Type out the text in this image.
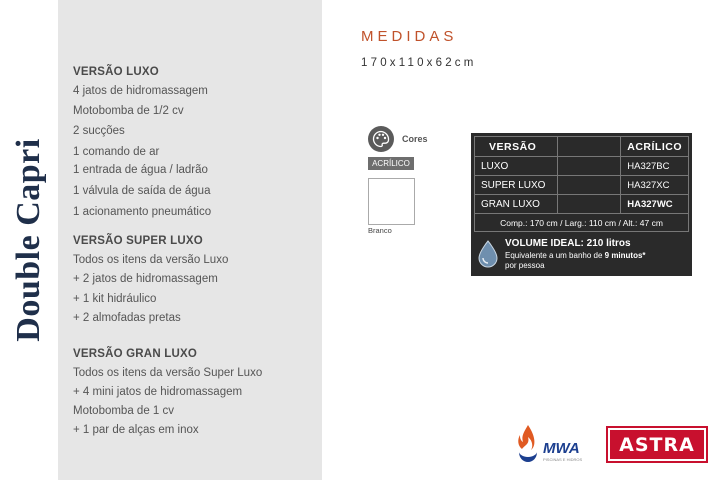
Double Capri
VERSÃO LUXO
4 jatos de hidromassagem
Motobomba de 1/2 cv
2 sucções
1 comando de ar
1 entrada de água / ladrão
1 válvula de saída de água
1 acionamento pneumático
VERSÃO SUPER LUXO
Todos os itens da versão Luxo
+ 2 jatos de hidromassagem
+ 1 kit hidráulico
+ 2 almofadas pretas
VERSÃO GRAN LUXO
Todos os itens da versão Super Luxo
+ 4 mini jatos de hidromassagem
Motobomba de 1 cv
+ 1 par de alças em inox
MEDIDAS
170x110x62cm
Cores
ACRÍLICO
Branco
VERSÃO		ACRÍLICO
LUXO		HA327BC
SUPER LUXO		HA327XC
GRAN LUXO		HA327WC
Comp.: 170 cm / Larg.: 110 cm / Alt.: 47 cm		
VOLUME IDEAL: 210 litros
Equivalente a um banho de 9 minutos*
por pessoa
MWA
PISCINAS E HIDROS
ASTRA
